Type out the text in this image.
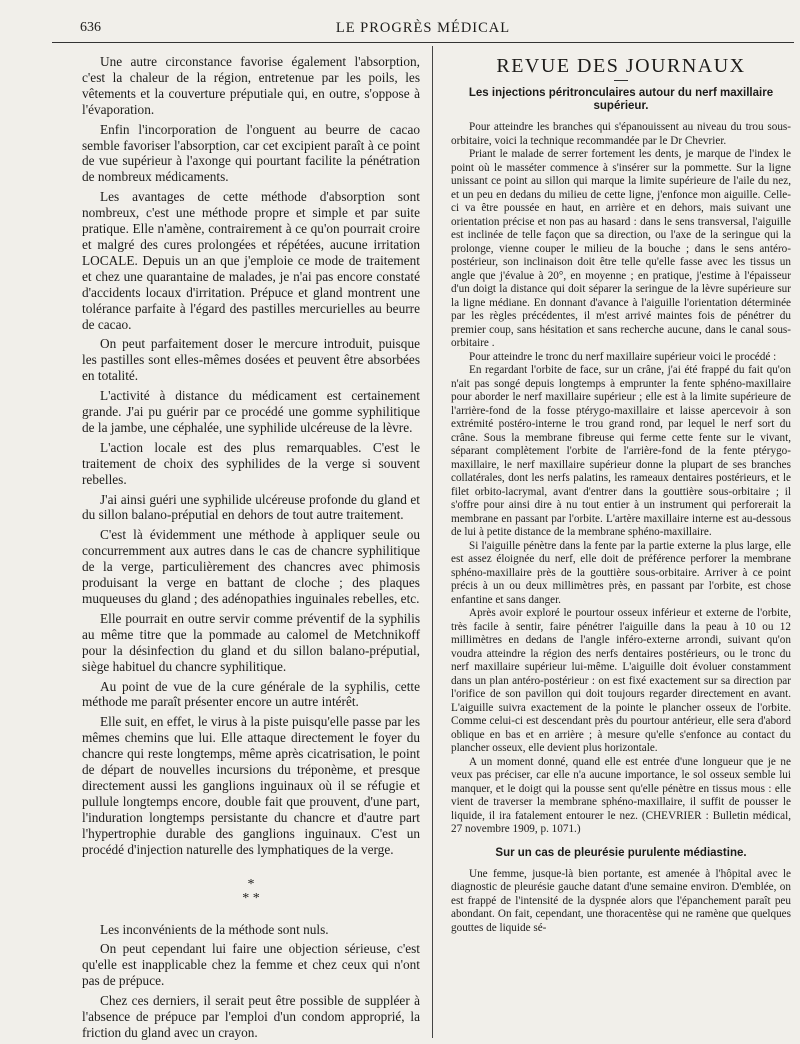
636	LE PROGRÈS MÉDICAL

Une autre circonstance favorise également l'absorption, c'est la chaleur de la région, entretenue par les poils, les vêtements et la couverture préputiale qui, en outre, s'oppose à l'évaporation.

Enfin l'incorporation de l'onguent au beurre de cacao semble favoriser l'absorption, car cet excipient paraît à ce point de vue supérieur à l'axonge qui pourtant facilite la pénétration de nombreux médicaments.

Les avantages de cette méthode d'absorption sont nombreux, c'est une méthode propre et simple et par suite pratique. Elle n'amène, contrairement à ce qu'on pourrait croire et malgré des cures prolongées et répétées, aucune irritation LOCALE. Depuis un an que j'emploie ce mode de traitement et chez une quarantaine de malades, je n'ai pas encore constaté d'accidents locaux d'irritation. Prépuce et gland montrent une tolérance parfaite à l'égard des pastilles mercurielles au beurre de cacao.

On peut parfaitement doser le mercure introduit, puisque les pastilles sont elles-mêmes dosées et peuvent être absorbées en totalité.

L'activité à distance du médicament est certainement grande. J'ai pu guérir par ce procédé une gomme syphilitique de la jambe, une céphalée, une syphilide ulcéreuse de la lèvre.

L'action locale est des plus remarquables. C'est le traitement de choix des syphilides de la verge si souvent rebelles.

J'ai ainsi guéri une syphilide ulcéreuse profonde du gland et du sillon balano-préputial en dehors de tout autre traitement.

C'est là évidemment une méthode à appliquer seule ou concurremment aux autres dans le cas de chancre syphilitique de la verge, particulièrement des chancres avec phimosis produisant la verge en battant de cloche ; des plaques muqueuses du gland ; des adénopathies inguinales rebelles, etc.

Elle pourrait en outre servir comme préventif de la syphilis au même titre que la pommade au calomel de Metchnikoff pour la désinfection du gland et du sillon balano-préputial, siège habituel du chancre syphilitique.

Au point de vue de la cure générale de la syphilis, cette méthode me paraît présenter encore un autre intérêt.

Elle suit, en effet, le virus à la piste puisqu'elle passe par les mêmes chemins que lui. Elle attaque directement le foyer du chancre qui reste longtemps, même après cicatrisation, le point de départ de nouvelles incursions du tréponème, et presque directement aussi les ganglions inguinaux où il se réfugie et pullule longtemps encore, double fait que prouvent, d'une part, l'induration longtemps persistante du chancre et d'autre part l'hypertrophie durable des ganglions inguinaux. C'est un procédé d'injection naturelle des lymphatiques de la verge.

*
* *

Les inconvénients de la méthode sont nuls.

On peut cependant lui faire une objection sérieuse, c'est qu'elle est inapplicable chez la femme et chez ceux qui n'ont pas de prépuce.

Chez ces derniers, il serait peut être possible de suppléer à l'absence de prépuce par l'emploi d'un condom approprié, la friction du gland avec un crayon.

REVUE DES JOURNAUX
Les injections péritronculaires autour du nerf maxillaire supérieur.

Pour atteindre les branches qui s'épanouissent au niveau du trou sous-orbitaire, voici la technique recommandée par le Dr Chevrier.

Priant le malade de serrer fortement les dents, je marque de l'index le point où le masséter commence à s'insérer sur la pommette. Sur la ligne unissant ce point au sillon qui marque la limite supérieure de l'aile du nez, et un peu en dedans du milieu de cette ligne, j'enfonce mon aiguille. Celle-ci va être poussée en haut, en arrière et en dehors, mais suivant une orientation précise et non pas au hasard : dans le sens transversal, l'aiguille est inclinée de telle façon que sa direction, ou l'axe de la seringue qui la prolonge, vienne couper le milieu de la bouche ; dans le sens antéro-postérieur, son inclinaison doit être telle qu'elle fasse avec les tissus un angle que j'évalue à 20°, en moyenne ; en pratique, j'estime à l'épaisseur d'un doigt la distance qui doit séparer la seringue de la lèvre supérieure sur la ligne médiane. En donnant d'avance à l'aiguille l'orientation déterminée par les règles précédentes, il m'est arrivé maintes fois de pénétrer du premier coup, sans hésitation et sans recherche aucune, dans le canal sous-orbitaire .

Pour atteindre le tronc du nerf maxillaire supérieur voici le procédé :

En regardant l'orbite de face, sur un crâne, j'ai été frappé du fait qu'on n'ait pas songé depuis longtemps à emprunter la fente sphéno-maxillaire pour aborder le nerf maxillaire supérieur ; elle est à la limite supérieure de l'arrière-fond de la fosse ptérygo-maxillaire et laisse apercevoir à son extrémité postéro-interne le trou grand rond, par lequel le nerf sort du crâne. Sous la membrane fibreuse qui ferme cette fente sur le vivant, séparant complètement l'orbite de l'arrière-fond de la fente ptérygo-maxillaire, le nerf maxillaire supérieur donne la plupart de ses branches collatérales, dont les nerfs palatins, les rameaux dentaires postérieurs, et le filet orbito-lacrymal, avant d'entrer dans la gouttière sous-orbitaire ; il s'offre pour ainsi dire à nu tout entier à un instrument qui perforerait la membrane en passant par l'orbite. L'artère maxillaire interne est au-dessous de lui à petite distance de la membrane sphéno-maxillaire.

Si l'aiguille pénètre dans la fente par la partie externe la plus large, elle est assez éloignée du nerf, elle doit de préférence perforer la membrane sphéno-maxillaire près de la gouttière sous-orbitaire. Arriver à ce point précis à un ou deux millimètres près, en passant par l'orbite, est chose enfantine et sans danger.

Après avoir exploré le pourtour osseux inférieur et externe de l'orbite, très facile à sentir, faire pénétrer l'aiguille dans la peau à 10 ou 12 millimètres en dedans de l'angle inféro-externe arrondi, suivant qu'on voudra atteindre la région des nerfs dentaires postérieurs, ou le tronc du nerf maxillaire supérieur lui-même. L'aiguille doit évoluer constamment dans un plan antéro-postérieur : on est fixé exactement sur sa direction par l'orifice de son pavillon qui doit toujours regarder directement en avant. L'aiguille suivra exactement de la pointe le plancher osseux de l'orbite. Comme celui-ci est descendant près du pourtour antérieur, elle sera d'abord oblique en bas et en arrière ; à mesure qu'elle s'enfonce au contact du plancher osseux, elle devient plus horizontale.

A un moment donné, quand elle est entrée d'une longueur que je ne veux pas préciser, car elle n'a aucune importance, le sol osseux semble lui manquer, et le doigt qui la pousse sent qu'elle pénètre en tissus mous : elle vient de traverser la membrane sphéno-maxillaire, il suffit de pousser le liquide, il ira fatalement entourer le nez. (CHEVRIER : Bulletin médical, 27 novembre 1909, p. 1071.)

Sur un cas de pleurésie purulente médiastine.

Une femme, jusque-là bien portante, est amenée à l'hôpital avec le diagnostic de pleurésie gauche datant d'une semaine environ. D'emblée, on est frappé de l'intensité de la dyspnée alors que l'épanchement paraît peu abondant. On fait, cependant, une thoracentèse qui ne ramène que quelques gouttes de liquide sé-
